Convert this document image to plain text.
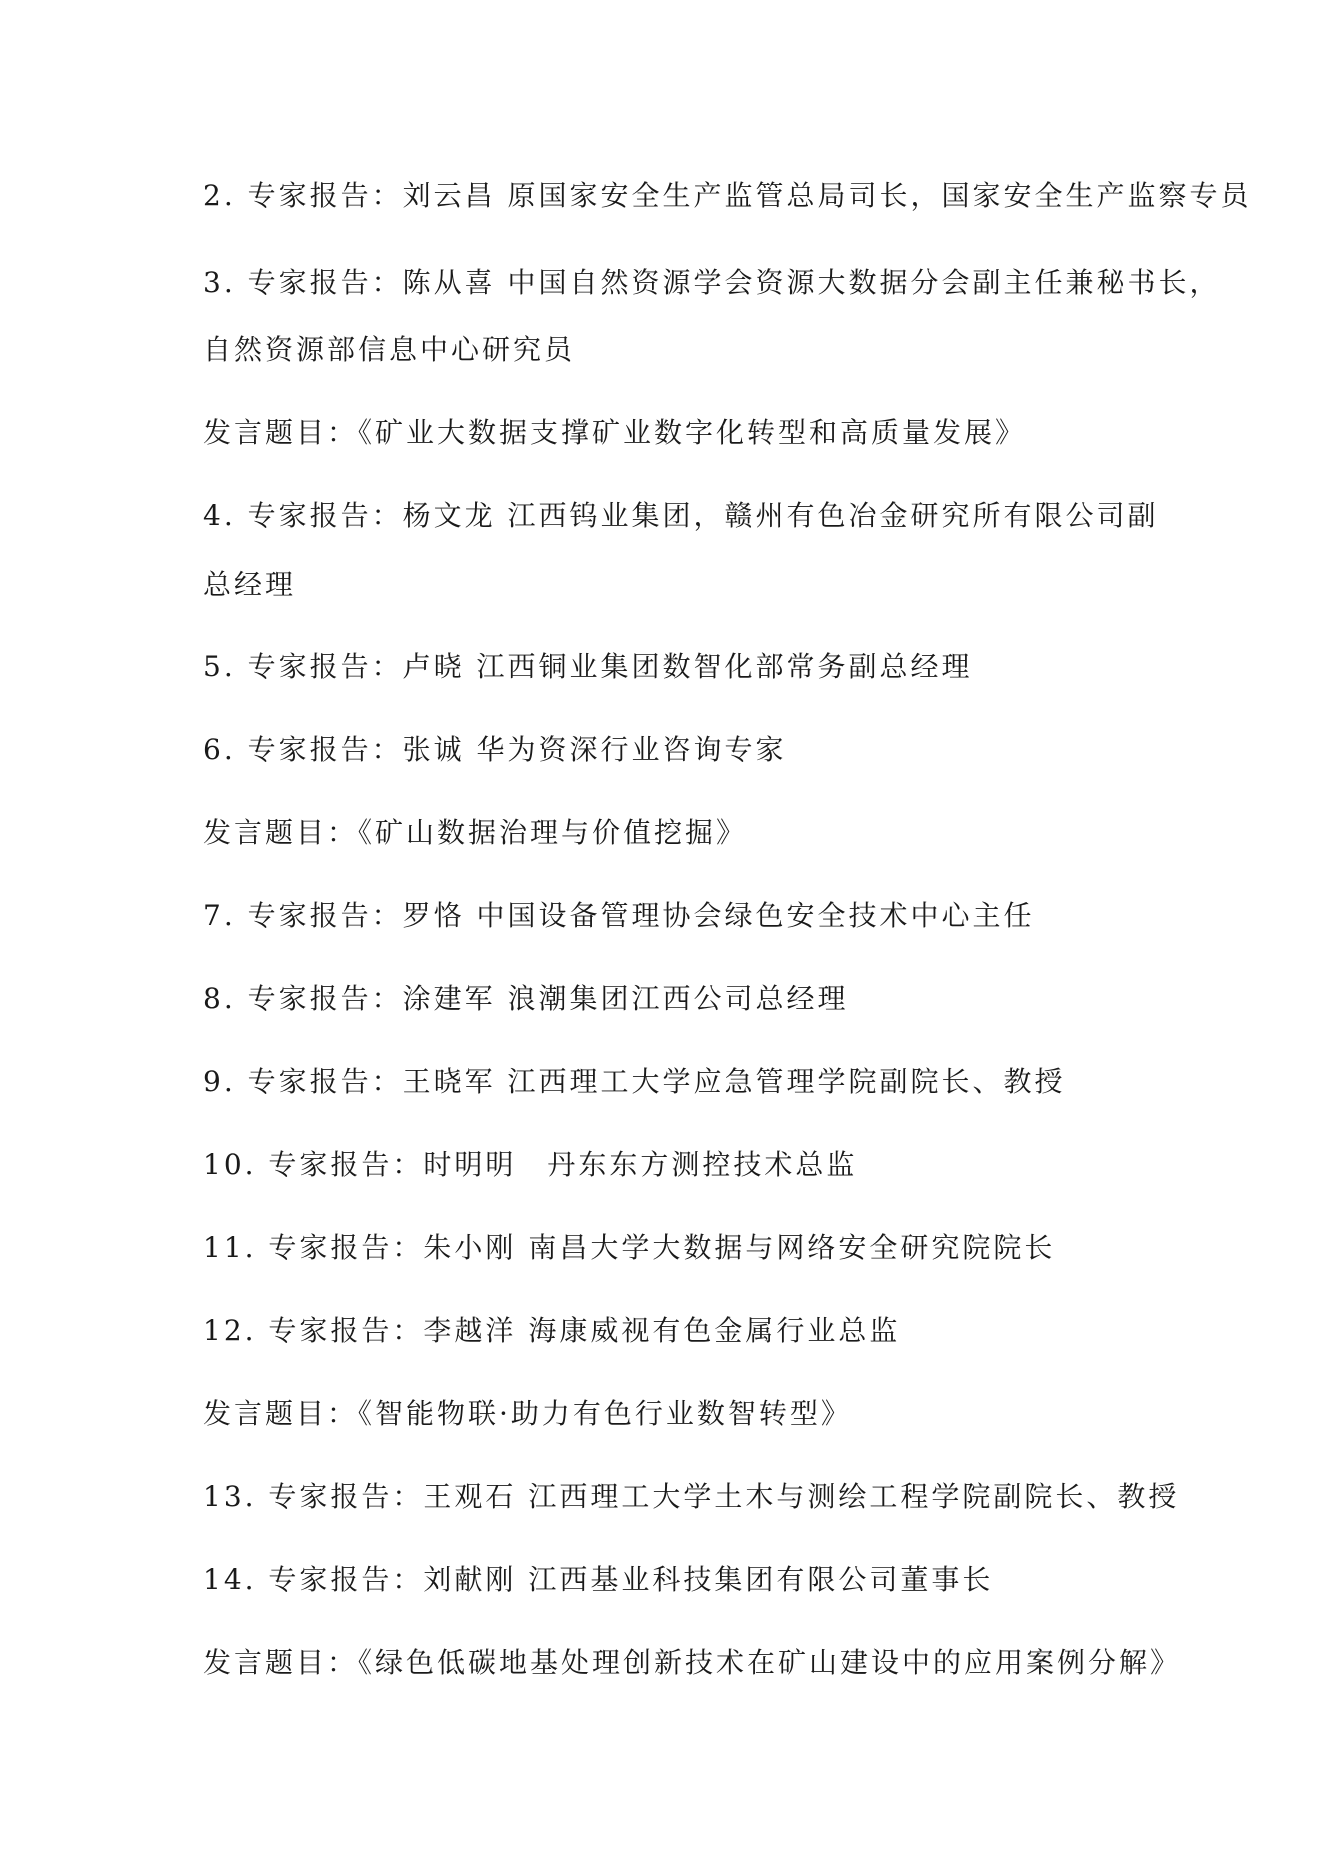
2. 专家报告：刘云昌 原国家安全生产监管总局司长，国家安全生产监察专员
3. 专家报告：陈从喜 中国自然资源学会资源大数据分会副主任兼秘书长，
自然资源部信息中心研究员
发言题目：《矿业大数据支撑矿业数字化转型和高质量发展》
4. 专家报告：杨文龙 江西钨业集团，赣州有色冶金研究所有限公司副
总经理
5. 专家报告：卢晓 江西铜业集团数智化部常务副总经理
6. 专家报告：张诚 华为资深行业咨询专家
发言题目：《矿山数据治理与价值挖掘》
7. 专家报告：罗恪 中国设备管理协会绿色安全技术中心主任
8. 专家报告：涂建军 浪潮集团江西公司总经理
9. 专家报告：王晓军 江西理工大学应急管理学院副院长、教授
10. 专家报告：时明明　丹东东方测控技术总监
11. 专家报告：朱小刚 南昌大学大数据与网络安全研究院院长
12. 专家报告：李越洋 海康威视有色金属行业总监
发言题目：《智能物联·助力有色行业数智转型》
13. 专家报告：王观石 江西理工大学土木与测绘工程学院副院长、教授
14. 专家报告：刘献刚 江西基业科技集团有限公司董事长
发言题目：《绿色低碳地基处理创新技术在矿山建设中的应用案例分解》
